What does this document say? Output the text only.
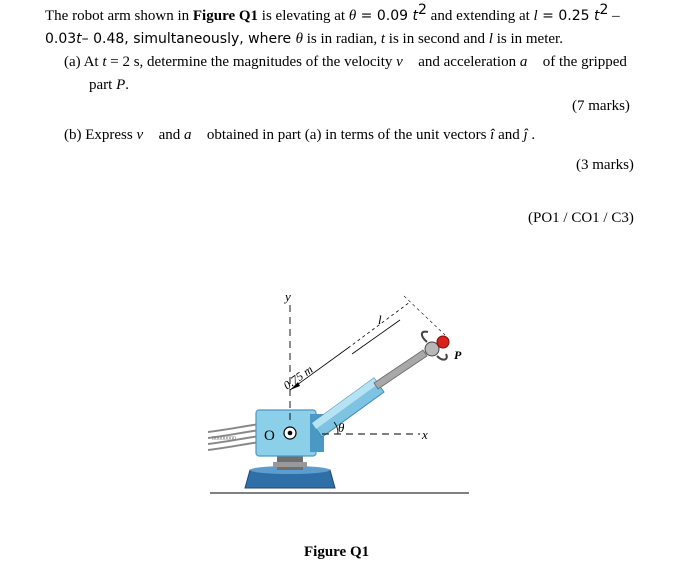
The robot arm shown in Figure Q1 is elevating at θ = 0.09 $t^2$ and extending at l = 0.25 $t^2$ –
0.03t– 0.48, simultaneously, where θ is in radian, t is in second and l is in meter.
(a) At t = 2 s, determine the magnitudes of the velocity v⃗ and acceleration a⃗ of the gripped
part P.
(7 marks)
(b) Express v⃗ and a⃗ obtained in part (a) in terms of the unit vectors î and ĵ .
(3 marks)
(PO1 / CO1 / C3)
00000000 O
y
x
θ
0.75 m
l
P
Figure Q1
